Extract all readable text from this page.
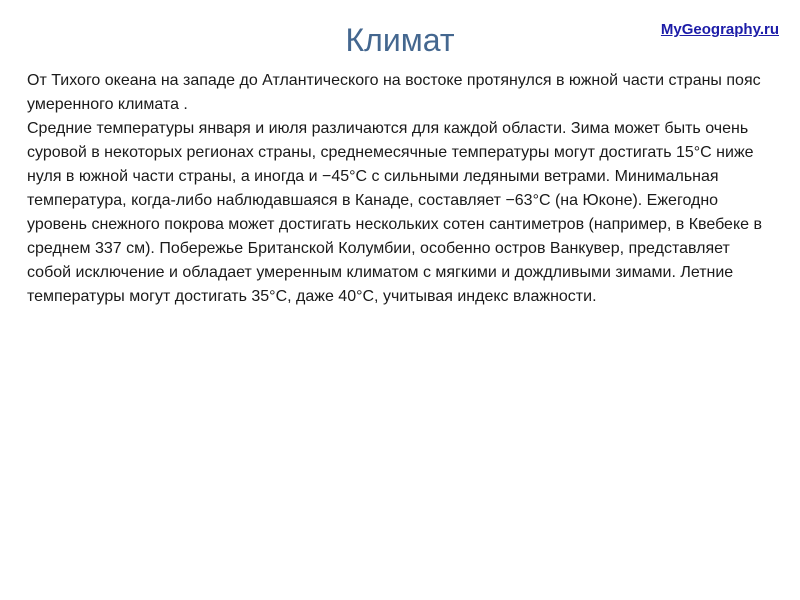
Климат	MyGeography.ru

От Тихого океана на западе до Атлантического на востоке протянулся в южной части страны пояс умеренного климата .

Средние температуры января и июля различаются для каждой области. Зима может быть очень суровой в некоторых регионах страны, среднемесячные температуры могут достигать 15°C ниже нуля в южной части страны, а иногда и −45°C с сильными ледяными ветрами. Минимальная температура, когда-либо наблюдавшаяся в Канаде, составляет −63°C (на Юконе). Ежегодно уровень снежного покрова может достигать нескольких сотен сантиметров (например, в Квебеке в среднем 337 см). Побережье Британской Колумбии, особенно остров Ванкувер, представляет собой исключение и обладает умеренным климатом с мягкими и дождливыми зимами. Летние температуры могут достигать 35°C, даже 40°C, учитывая индекс влажности.
